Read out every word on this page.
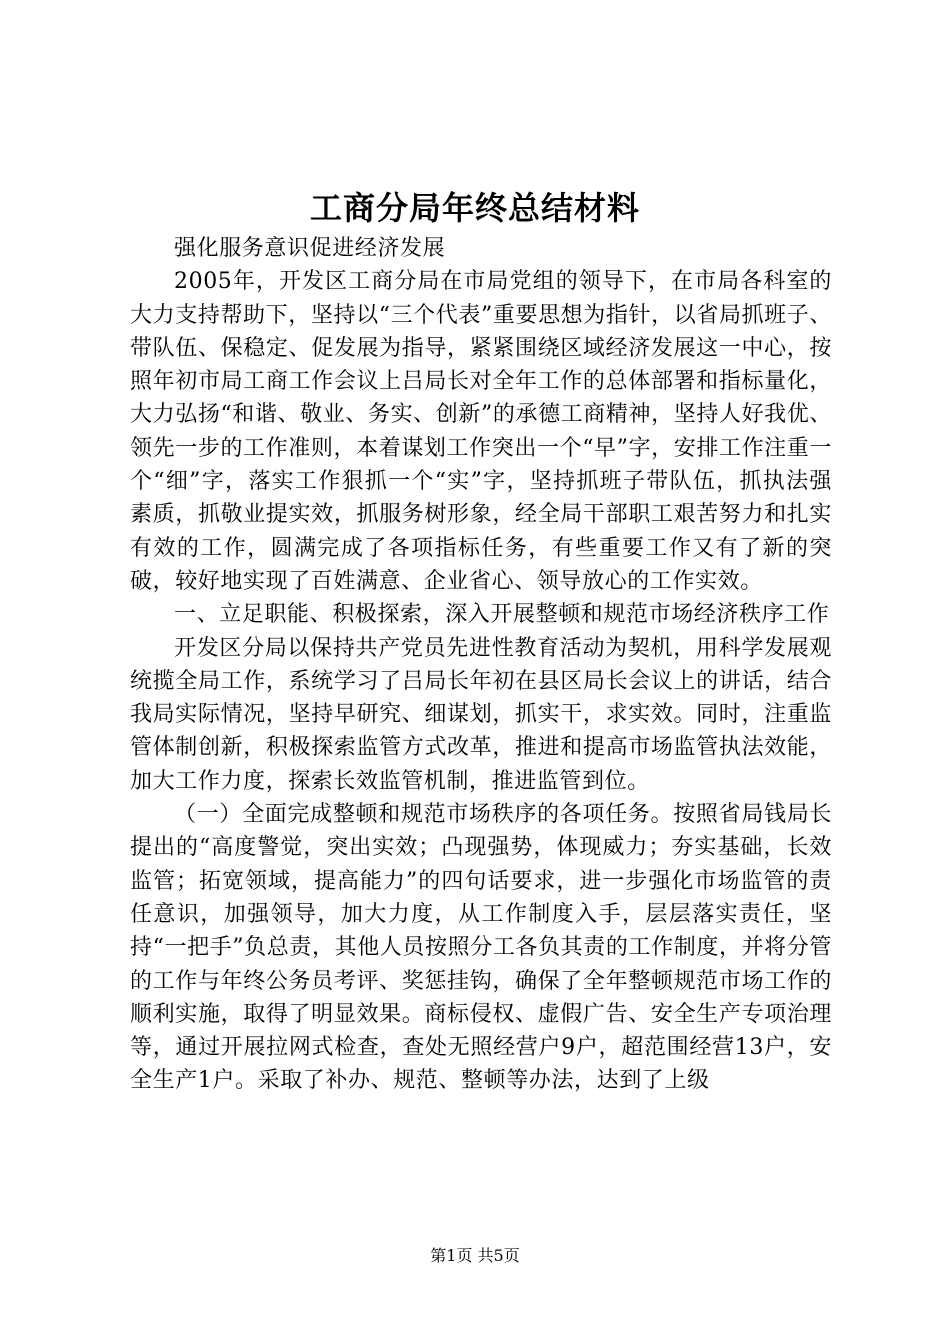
工商分局年终总结材料

强化服务意识促进经济发展

2005年，开发区工商分局在市局党组的领导下，在市局各科室的大力支持帮助下，坚持以“三个代表”重要思想为指针，以省局抓班子、带队伍、保稳定、促发展为指导，紧紧围绕区域经济发展这一中心，按照年初市局工商工作会议上吕局长对全年工作的总体部署和指标量化，大力弘扬“和谐、敬业、务实、创新”的承德工商精神，坚持人好我优、领先一步的工作准则，本着谋划工作突出一个“早”字，安排工作注重一个“细”字，落实工作狠抓一个“实”字，坚持抓班子带队伍，抓执法强素质，抓敬业提实效，抓服务树形象，经全局干部职工艰苦努力和扎实有效的工作，圆满完成了各项指标任务，有些重要工作又有了新的突破，较好地实现了百姓满意、企业省心、领导放心的工作实效。

一、立足职能、积极探索，深入开展整顿和规范市场经济秩序工作

开发区分局以保持共产党员先进性教育活动为契机，用科学发展观统揽全局工作，系统学习了吕局长年初在县区局长会议上的讲话，结合我局实际情况，坚持早研究、细谋划，抓实干，求实效。同时，注重监管体制创新，积极探索监管方式改革，推进和提高市场监管执法效能，加大工作力度，探索长效监管机制，推进监管到位。

（一）全面完成整顿和规范市场秩序的各项任务。按照省局钱局长提出的“高度警觉，突出实效；凸现强势，体现威力；夯实基础，长效监管；拓宽领域，提高能力”的四句话要求，进一步强化市场监管的责任意识，加强领导，加大力度，从工作制度入手，层层落实责任，坚持“一把手”负总责，其他人员按照分工各负其责的工作制度，并将分管的工作与年终公务员考评、奖惩挂钩，确保了全年整顿规范市场工作的顺利实施，取得了明显效果。商标侵权、虚假广告、安全生产专项治理等，通过开展拉网式检查，查处无照经营户9户，超范围经营13户，安全生产1户。采取了补办、规范、整顿等办法，达到了上级

第1页 共5页
